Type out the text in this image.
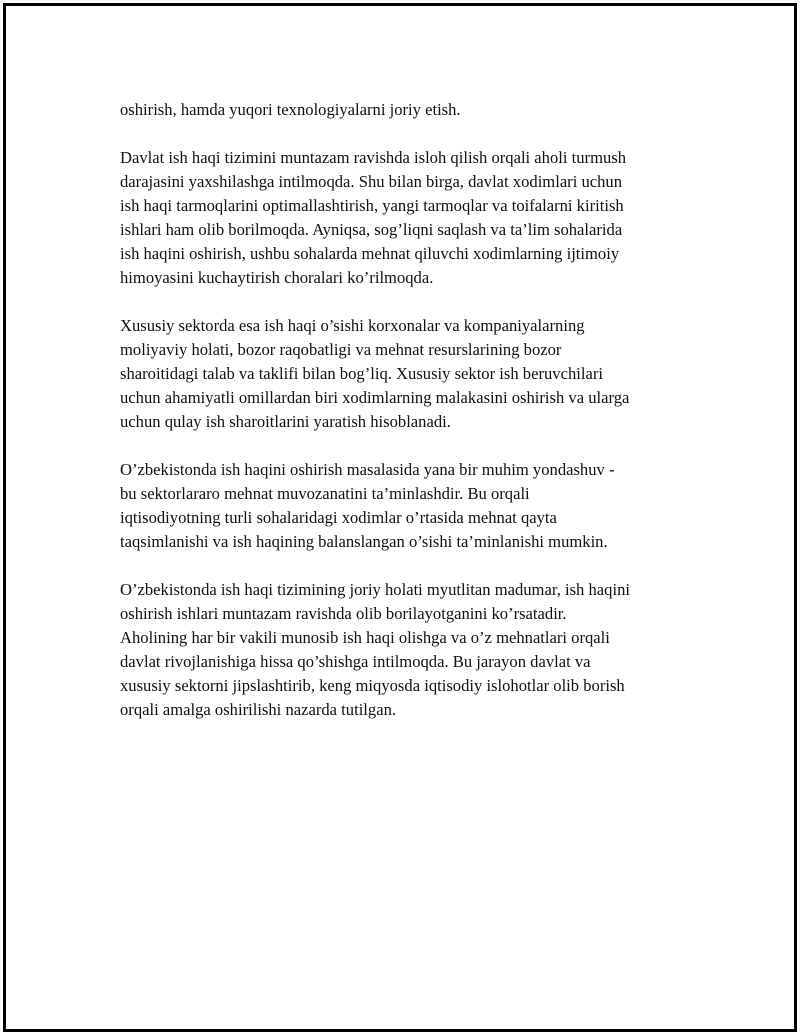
oshirish, hamda yuqori texnologiyalarni joriy etish.

Davlat ish haqi tizimini muntazam ravishda isloh qilish orqali aholi turmush
darajasini yaxshilashga intilmoqda. Shu bilan birga, davlat xodimlari uchun
ish haqi tarmoqlarini optimallashtirish, yangi tarmoqlar va toifalarni kiritish
ishlari ham olib borilmoqda. Ayniqsa, sog’liqni saqlash va ta’lim sohalarida
ish haqini oshirish, ushbu sohalarda mehnat qiluvchi xodimlarning ijtimoiy
himoyasini kuchaytirish choralari ko’rilmoqda.

Xususiy sektorda esa ish haqi o’sishi korxonalar va kompaniyalarning
moliyaviy holati, bozor raqobatligi va mehnat resurslarining bozor
sharoitidagi talab va taklifi bilan bog’liq. Xususiy sektor ish beruvchilari
uchun ahamiyatli omillardan biri xodimlarning malakasini oshirish va ularga
uchun qulay ish sharoitlarini yaratish hisoblanadi.

O’zbekistonda ish haqini oshirish masalasida yana bir muhim yondashuv -
bu sektorlararo mehnat muvozanatini ta’minlashdir. Bu orqali
iqtisodiyotning turli sohalaridagi xodimlar o’rtasida mehnat qayta
taqsimlanishi va ish haqining balanslangan o’sishi ta’minlanishi mumkin.

O’zbekistonda ish haqi tizimining joriy holati myutlitan madumar, ish haqini
oshirish ishlari muntazam ravishda olib borilayotganini ko’rsatadir.
Aholining har bir vakili munosib ish haqi olishga va o’z mehnatlari orqali
davlat rivojlanishiga hissa qo’shishga intilmoqda. Bu jarayon davlat va
xususiy sektorni jipslashtirib, keng miqyosda iqtisodiy islohotlar olib borish
orqali amalga oshirilishi nazarda tutilgan.
